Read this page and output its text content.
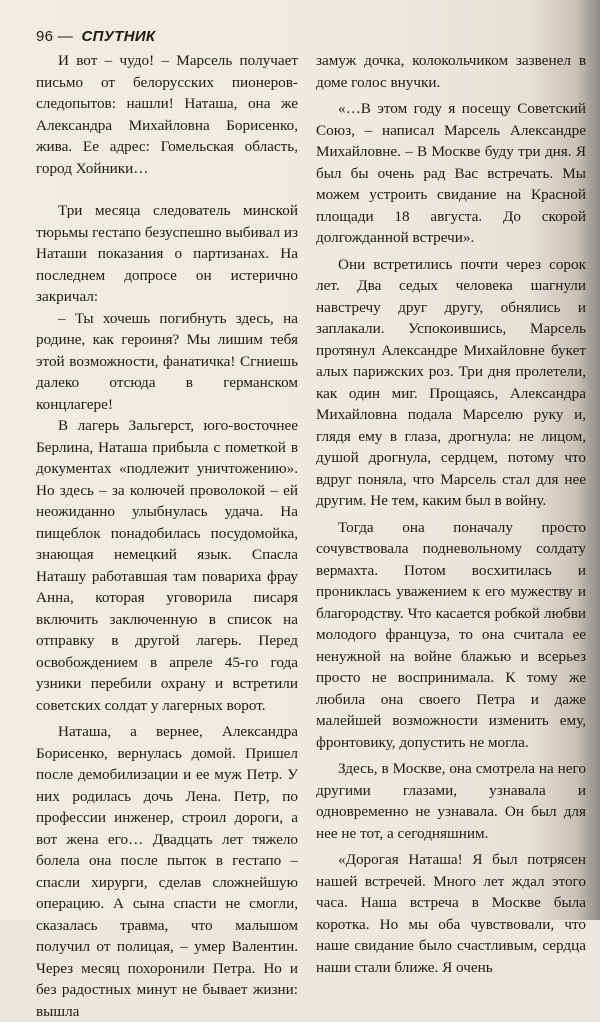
96 — СПУТНИК

И вот – чудо! – Марсель получает письмо от белорусских пионеров-следопытов: нашли! Наташа, она же Александра Михайловна Борисенко, жива. Ее адрес: Гомельская область, город Хойники…

Три месяца следователь минской тюрьмы гестапо безуспешно выбивал из Наташи показания о партизанах. На последнем допросе он истерично закричал:

– Ты хочешь погибнуть здесь, на родине, как героиня? Мы лишим тебя этой возможности, фанатичка! Сгниешь далеко отсюда в германском концлагере!

В лагерь Зальгерст, юго-восточнее Берлина, Наташа прибыла с пометкой в документах «подлежит уничтожению». Но здесь – за колючей проволокой – ей неожиданно улыбнулась удача. На пищеблок понадобилась посудомойка, знающая немецкий язык. Спасла Наташу работавшая там повариха фрау Анна, которая уговорила писаря включить заключенную в список на отправку в другой лагерь. Перед освобождением в апреле 45-го года узники перебили охрану и встретили советских солдат у лагерных ворот.

Наташа, а вернее, Александра Борисенко, вернулась домой. Пришел после демобилизации и ее муж Петр. У них родилась дочь Лена. Петр, по профессии инженер, строил дороги, а вот жена его… Двадцать лет тяжело болела она после пыток в гестапо – спасли хирурги, сделав сложнейшую операцию. А сына спасти не смогли, сказалась травма, что малышом получил от полицая, – умер Валентин. Через месяц похоронили Петра. Но и без радостных минут не бывает жизни: вышла

замуж дочка, колокольчиком зазвенел в доме голос внучки.

«…В этом году я посещу Советский Союз, – написал Марсель Александре Михайловне. – В Москве буду три дня. Я был бы очень рад Вас встречать. Мы можем устроить свидание на Красной площади 18 августа. До скорой долгожданной встречи».

Они встретились почти через сорок лет. Два седых человека шагнули навстречу друг другу, обнялись и заплакали. Успокоившись, Марсель протянул Александре Михайловне букет алых парижских роз. Три дня пролетели, как один миг. Прощаясь, Александра Михайловна подала Марселю руку и, глядя ему в глаза, дрогнула: не лицом, душой дрогнула, сердцем, потому что вдруг поняла, что Марсель стал для нее другим. Не тем, каким был в войну.

Тогда она поначалу просто сочувствовала подневольному солдату вермахта. Потом восхитилась и прониклась уважением к его мужеству и благородству. Что касается робкой любви молодого француза, то она считала ее ненужной на войне блажью и всерьез просто не воспринимала. К тому же любила она своего Петра и даже малейшей возможности изменить ему, фронтовику, допустить не могла.

Здесь, в Москве, она смотрела на него другими глазами, узнавала и одновременно не узнавала. Он был для нее не тот, а сегодняшним.

«Дорогая Наташа! Я был потрясен нашей встречей. Много лет ждал этого часа. Наша встреча в Москве была коротка. Но мы оба чувствовали, что наше свидание было счастливым, сердца наши стали ближе. Я очень
